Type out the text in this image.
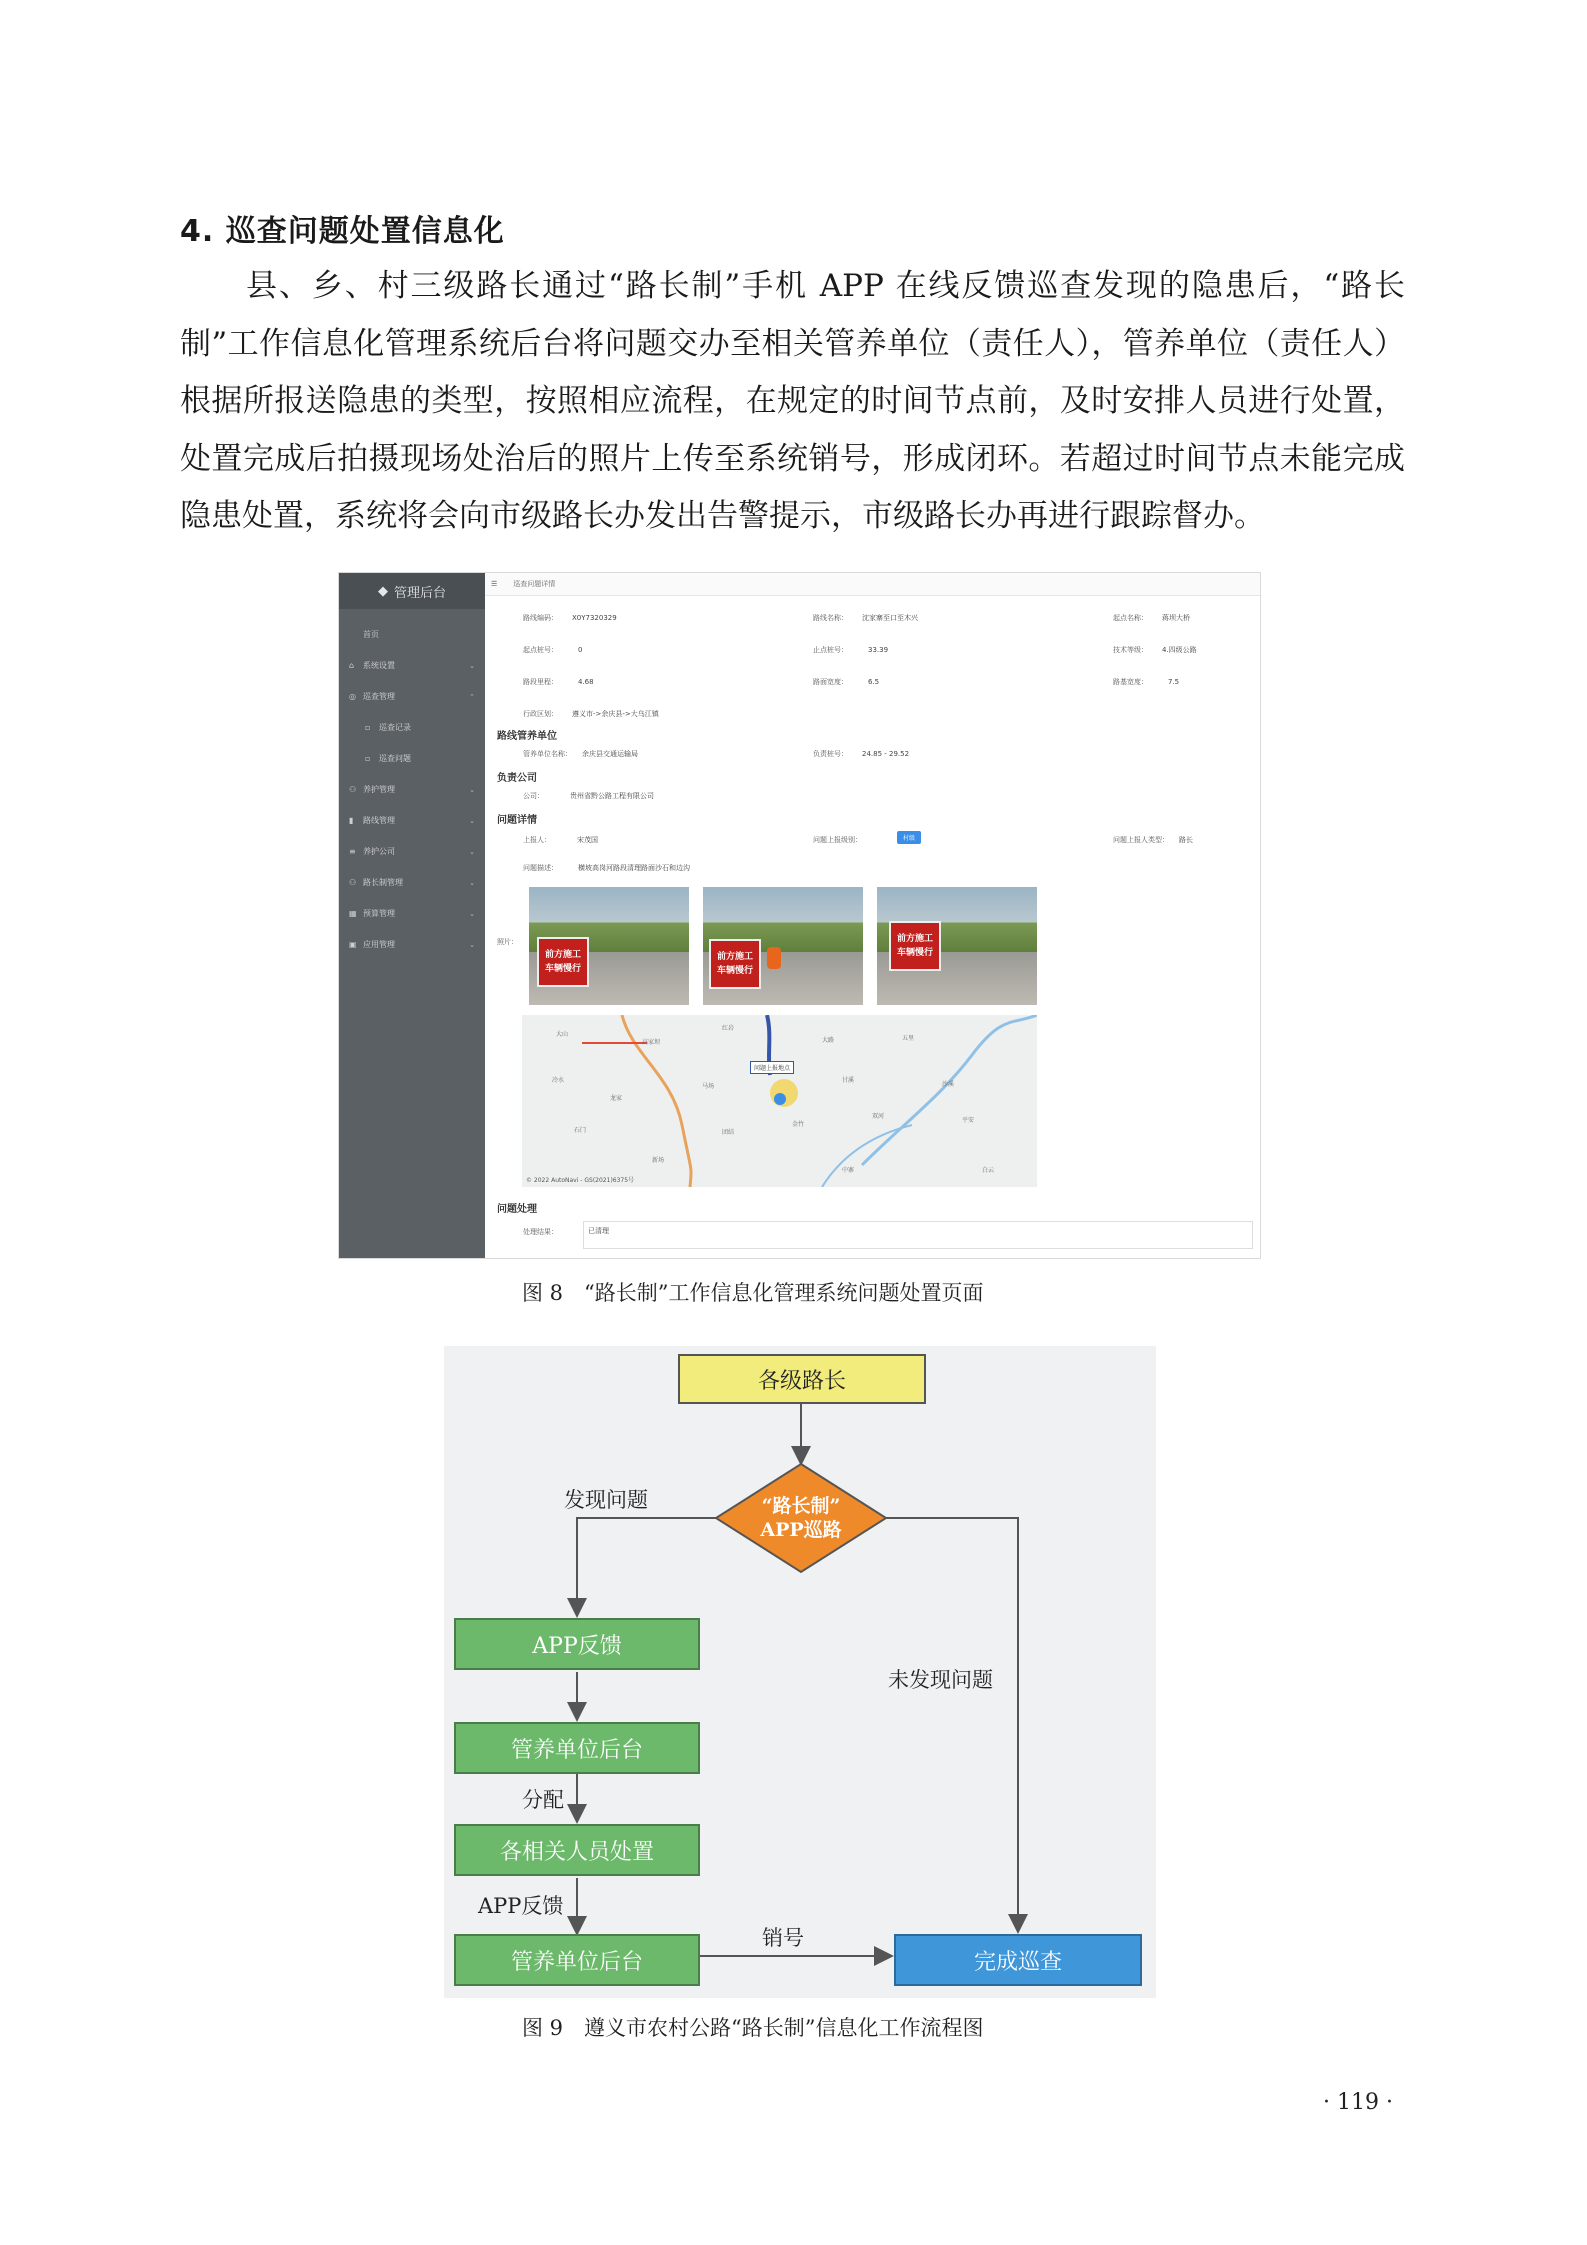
4. 巡查问题处置信息化
县、乡、村三级路长通过“路长制”手机 APP 在线反馈巡查发现的隐患后，“路长制”工作信息化管理系统后台将问题交办至相关管养单位（责任人），管养单位（责任人）根据所报送隐患的类型，按照相应流程，在规定的时间节点前，及时安排人员进行处置，处置完成后拍摄现场处治后的照片上传至系统销号，形成闭环。若超过时间节点未能完成隐患处置，系统将会向市级路长办发出告警提示，市级路长办再进行跟踪督办。
◆ 管理后台
首页
⌂	系统设置	⌄
◎ 巡查管理	⌃
▫	巡查记录
▫	巡查问题
⚇ 养护管理	⌄
▮	路线管理	⌄
≡ 养护公司	⌄
⚇ 路长制管理	⌄
▦ 预算管理	⌄
▣ 应用管理	⌄
☰ 巡查问题详情
路线编码： X0Y7320329	路线名称： 沈家寨至口至木兴	起点名称： 蒋坝大桥
起点桩号：	0	止点桩号：	33.39	技术等级： 4.四级公路
路段里程：	4.68	路面宽度：	6.5	路基宽度：	7.5
行政区划： 遵义市->余庆县->大乌江镇
路线管养单位
管养单位名称： 余庆县交通运输局	负责桩号： 24.85 - 29.52
负责公司
公司：	贵州省黔公路工程有限公司
问题详情
上报人：	宋茂国	问题上报级别：	村级	问题上报人类型： 路长
问题描述：	横坡高岗河路段清理路面沙石和边沟
照片：
前方施工
车辆慢行
前方施工
车辆慢行
前方施工
车辆慢行
问题上报地点
大山
高家坝
红岩
大路	五里
冷水
龙家
马场
甘溪
沙溪
石门	团结
金竹
双河
平安
新场
中寨	白云
© 2022 AutoNavi - GS(2021)6375号
问题处理
处理结果：	已清理
图 8　“路长制”工作信息化管理系统问题处置页面
各级路长
“路长制”
APP巡路
发现问题
未发现问题
APP反馈
管养单位后台
分配
各相关人员处置
APP反馈
管养单位后台
销号
完成巡查
图 9　遵义市农村公路“路长制”信息化工作流程图
· 119 ·
